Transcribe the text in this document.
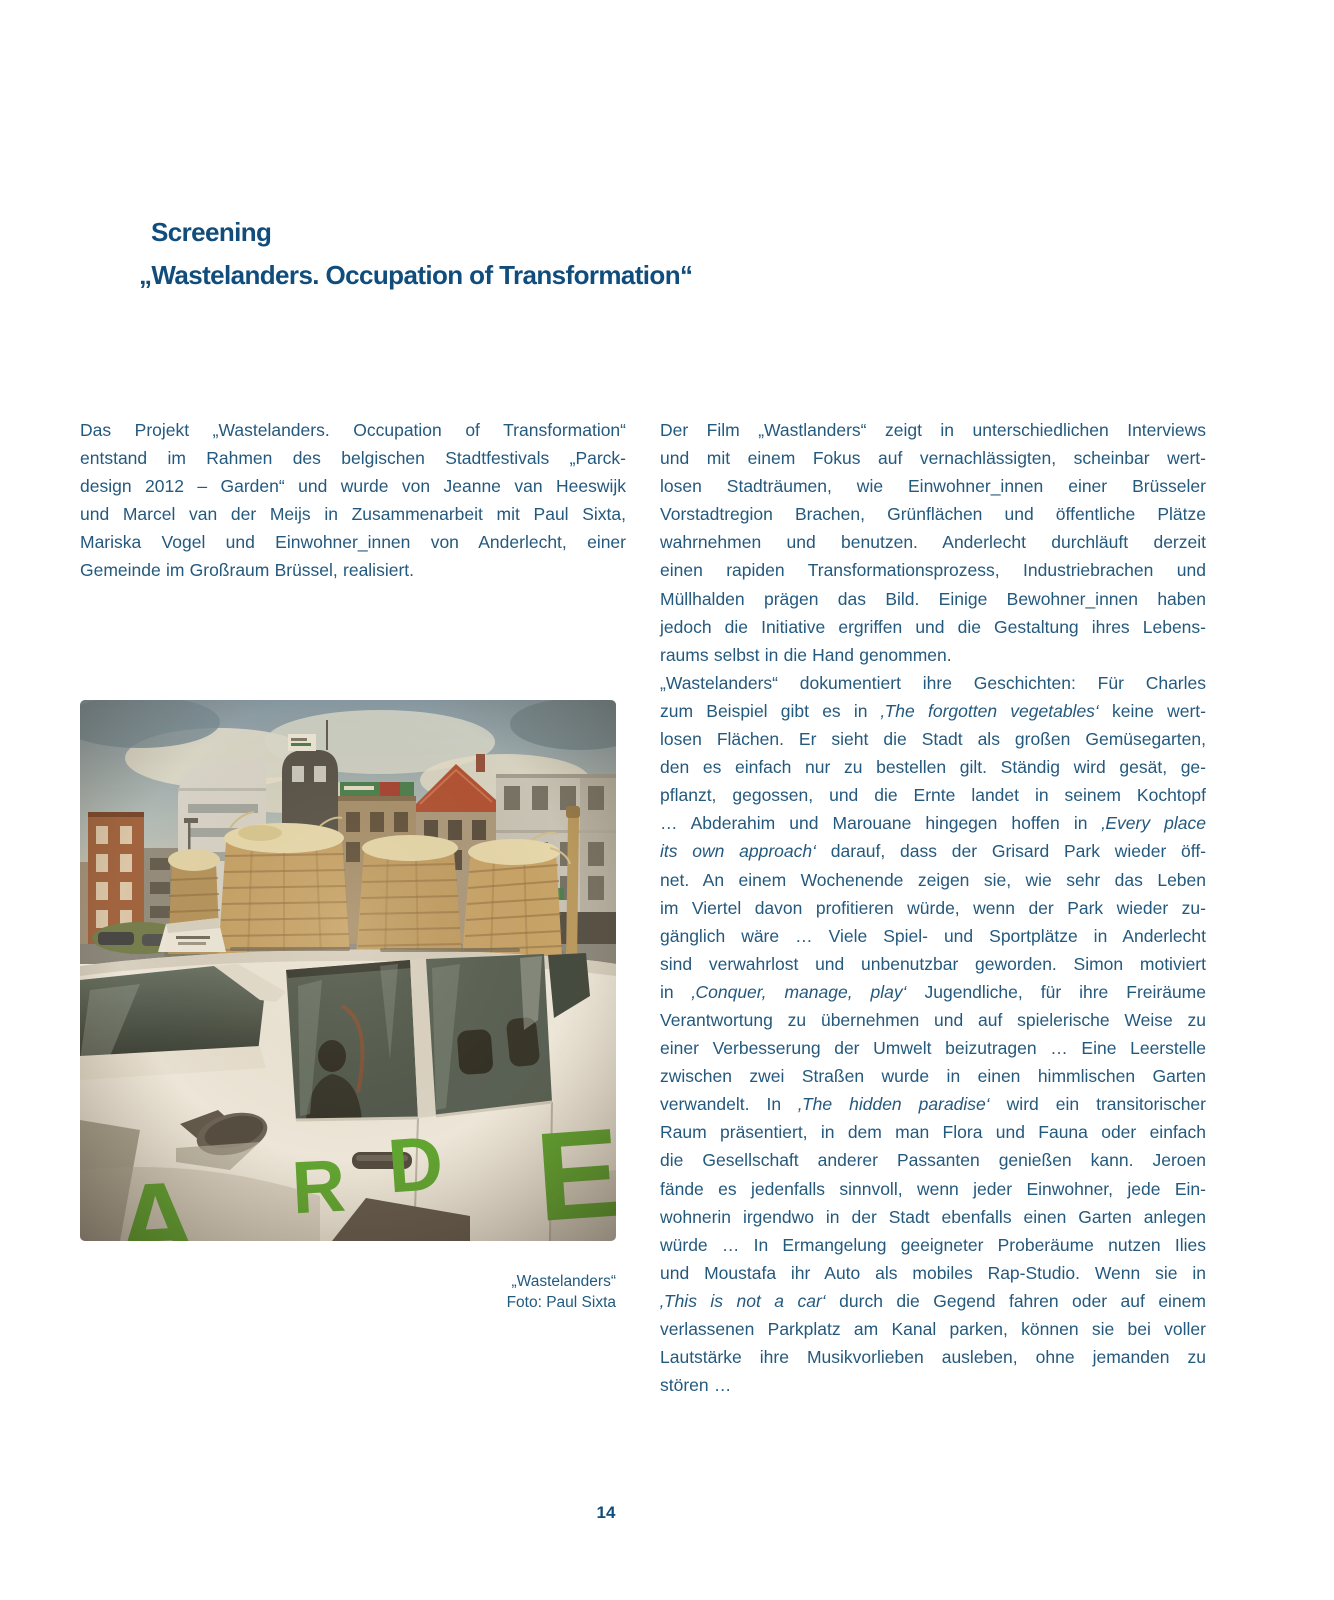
Screening
„Wastelanders. Occupation of Transformation“
Das Projekt „Wastelanders. Occupation of Transformation“
entstand im Rahmen des belgischen Stadtfestivals „Parck-
design 2012 – Garden“ und wurde von Jeanne van Heeswijk
und Marcel van der Meijs in Zusammenarbeit mit Paul Sixta,
Mariska Vogel und Einwohner_innen von Anderlecht, einer
Gemeinde im Großraum Brüssel, realisiert.
Der Film „Wastlanders“ zeigt in unterschiedlichen Interviews
und mit einem Fokus auf vernachlässigten, scheinbar wert-
losen Stadträumen, wie Einwohner_innen einer Brüsseler
Vorstadtregion Brachen, Grünflächen und öffentliche Plätze
wahrnehmen und benutzen. Anderlecht durchläuft derzeit
einen rapiden Transformationsprozess, Industriebrachen und
Müllhalden prägen das Bild. Einige Bewohner_innen haben
jedoch die Initiative ergriffen und die Gestaltung ihres Lebens-
raums selbst in die Hand genommen.
„Wastelanders“ dokumentiert ihre Geschichten: Für Charles
zum Beispiel gibt es in ‚The forgotten vegetables‘ keine wert-
losen Flächen. Er sieht die Stadt als großen Gemüsegarten,
den es einfach nur zu bestellen gilt. Ständig wird gesät, ge-
pflanzt, gegossen, und die Ernte landet in seinem Kochtopf
… Abderahim und Marouane hingegen hoffen in ‚Every place
its own approach‘ darauf, dass der Grisard Park wieder öff-
net. An einem Wochenende zeigen sie, wie sehr das Leben
im Viertel davon profitieren würde, wenn der Park wieder zu-
gänglich wäre … Viele Spiel- und Sportplätze in Anderlecht
sind verwahrlost und unbenutzbar geworden. Simon motiviert
in ‚Conquer, manage, play‘ Jugendliche, für ihre Freiräume
Verantwortung zu übernehmen und auf spielerische Weise zu
einer Verbesserung der Umwelt beizutragen … Eine Leerstelle
zwischen zwei Straßen wurde in einen himmlischen Garten
verwandelt. In ‚The hidden paradise‘ wird ein transitorischer
Raum präsentiert, in dem man Flora und Fauna oder einfach
die Gesellschaft anderer Passanten genießen kann. Jeroen
fände es jedenfalls sinnvoll, wenn jeder Einwohner, jede Ein-
wohnerin irgendwo in der Stadt ebenfalls einen Garten anlegen
würde … In Ermangelung geeigneter Proberäume nutzen Ilies
und Moustafa ihr Auto als mobiles Rap-Studio. Wenn sie in
‚This is not a car‘ durch die Gegend fahren oder auf einem
verlassenen Parkplatz am Kanal parken, können sie bei voller
Lautstärke ihre Musikvorlieben ausleben, ohne jemanden zu
stören …
„Wastelanders“
Foto: Paul Sixta
14
